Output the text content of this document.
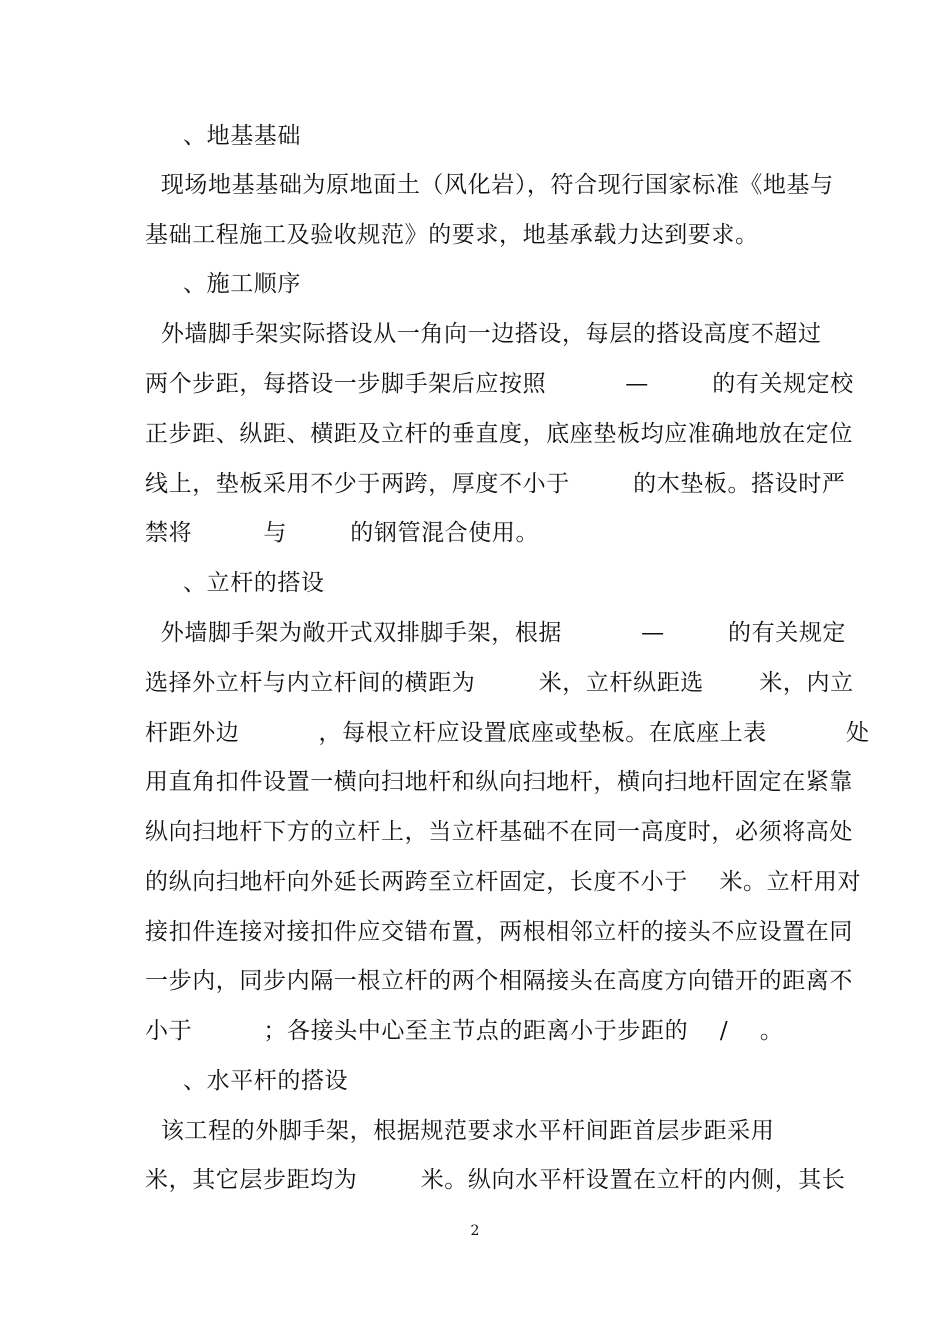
、地基基础
现场地基基础为原地面土（风化岩），符合现行国家标准《地基与
基础工程施工及验收规范》的要求，地基承载力达到要求。
、施工顺序
外墙脚手架实际搭设从一角向一边搭设，每层的搭设高度不超过
两个步距，每搭设一步脚手架后应按照          —        的有关规定校
正步距、纵距、横距及立杆的垂直度，底座垫板均应准确地放在定位
线上，垫板采用不少于两跨，厚度不小于        的木垫板。搭设时严
禁将         与        的钢管混合使用。
、立杆的搭设
外墙脚手架为敞开式双排脚手架，根据          —        的有关规定
选择外立杆与内立杆间的横距为        米，立杆纵距选       米，内立
杆距外边          ，每根立杆应设置底座或垫板。在底座上表          处
用直角扣件设置一横向扫地杆和纵向扫地杆，横向扫地杆固定在紧靠
纵向扫地杆下方的立杆上，当立杆基础不在同一高度时，必须将高处
的纵向扫地杆向外延长两跨至立杆固定，长度不小于    米。立杆用对
接扣件连接对接扣件应交错布置，两根相邻立杆的接头不应设置在同
一步内，同步内隔一根立杆的两个相隔接头在高度方向错开的距离不
小于         ；各接头中心至主节点的距离小于步距的    /    。
、水平杆的搭设
该工程的外脚手架，根据规范要求水平杆间距首层步距采用
米，其它层步距均为        米。纵向水平杆设置在立杆的内侧，其长
2
